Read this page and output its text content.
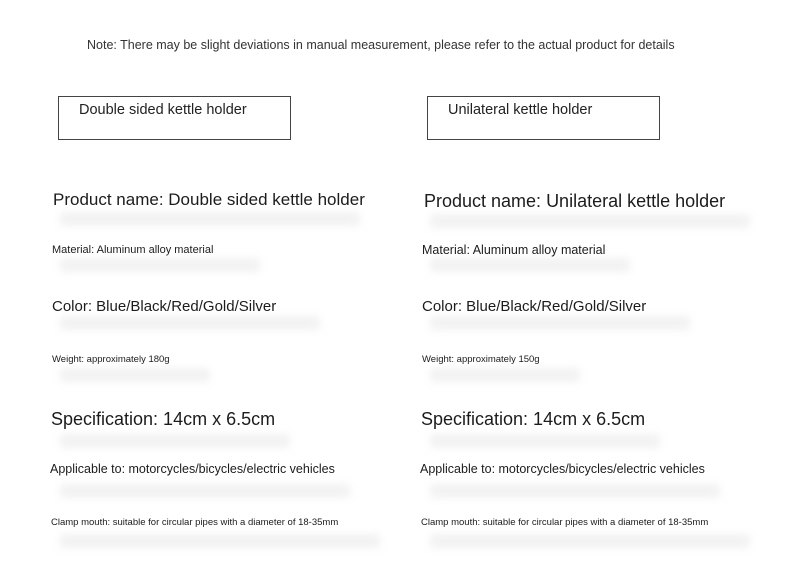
Note: There may be slight deviations in manual measurement, please refer to the actual product for details
Double sided kettle holder
Product name: Double sided kettle holder
Material: Aluminum alloy material
Color: Blue/Black/Red/Gold/Silver
Weight: approximately 180g
Specification: 14cm x 6.5cm
Applicable to: motorcycles/bicycles/electric vehicles
Clamp mouth: suitable for circular pipes with a diameter of 18-35mm
Unilateral kettle holder
Product name: Unilateral kettle holder
Material: Aluminum alloy material
Color: Blue/Black/Red/Gold/Silver
Weight: approximately 150g
Specification: 14cm x 6.5cm
Applicable to: motorcycles/bicycles/electric vehicles
Clamp mouth: suitable for circular pipes with a diameter of 18-35mm
